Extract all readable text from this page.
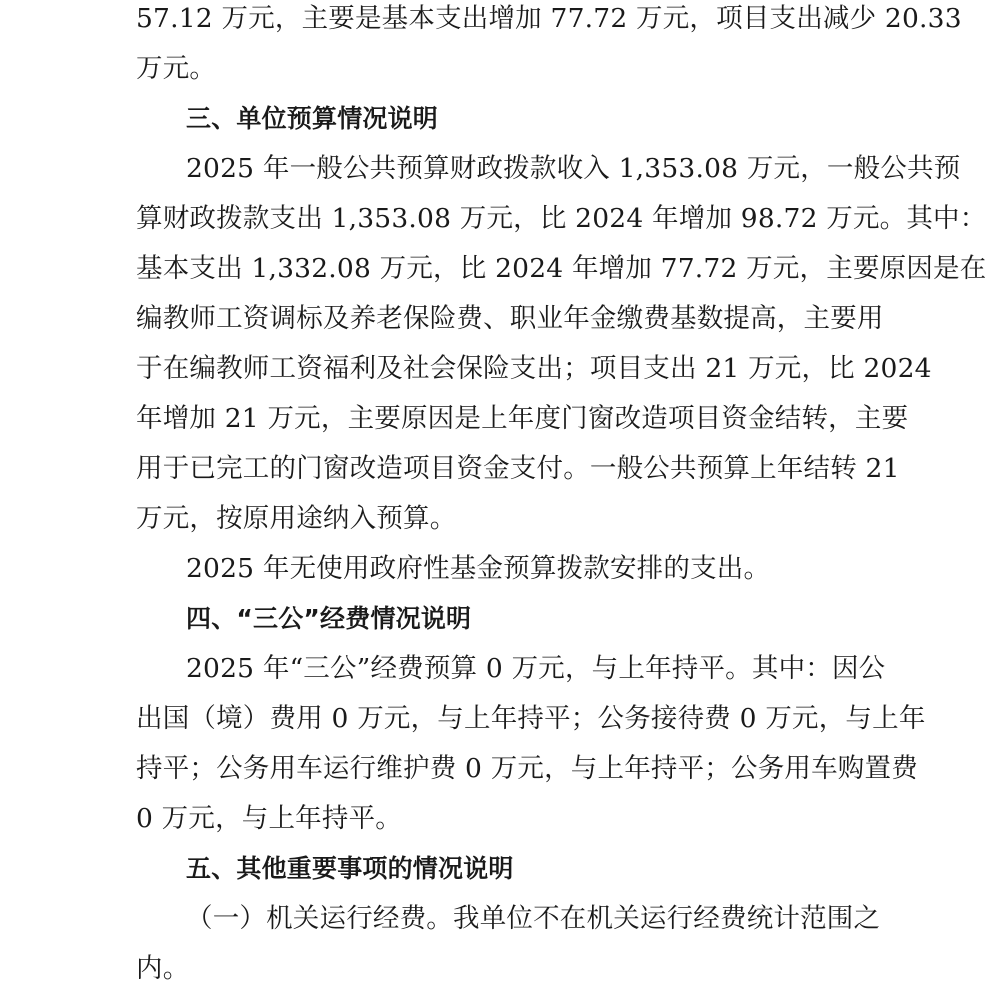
57.12 万元，主要是基本支出增加 77.72 万元，项目支出减少 20.33
万元。
三、单位预算情况说明
2025 年一般公共预算财政拨款收入 1,353.08 万元，一般公共预
算财政拨款支出 1,353.08 万元，比 2024 年增加 98.72 万元。其中：
基本支出 1,332.08 万元，比 2024 年增加 77.72 万元，主要原因是在
编教师工资调标及养老保险费、职业年金缴费基数提高，主要用
于在编教师工资福利及社会保险支出；项目支出 21 万元，比 2024
年增加 21 万元，主要原因是上年度门窗改造项目资金结转，主要
用于已完工的门窗改造项目资金支付。一般公共预算上年结转 21
万元，按原用途纳入预算。
2025 年无使用政府性基金预算拨款安排的支出。
四、“三公”经费情况说明
2025 年“三公”经费预算 0 万元，与上年持平。其中：因公
出国（境）费用 0 万元，与上年持平；公务接待费 0 万元，与上年
持平；公务用车运行维护费 0 万元，与上年持平；公务用车购置费
0 万元，与上年持平。
五、其他重要事项的情况说明
（一）机关运行经费。我单位不在机关运行经费统计范围之
内。
